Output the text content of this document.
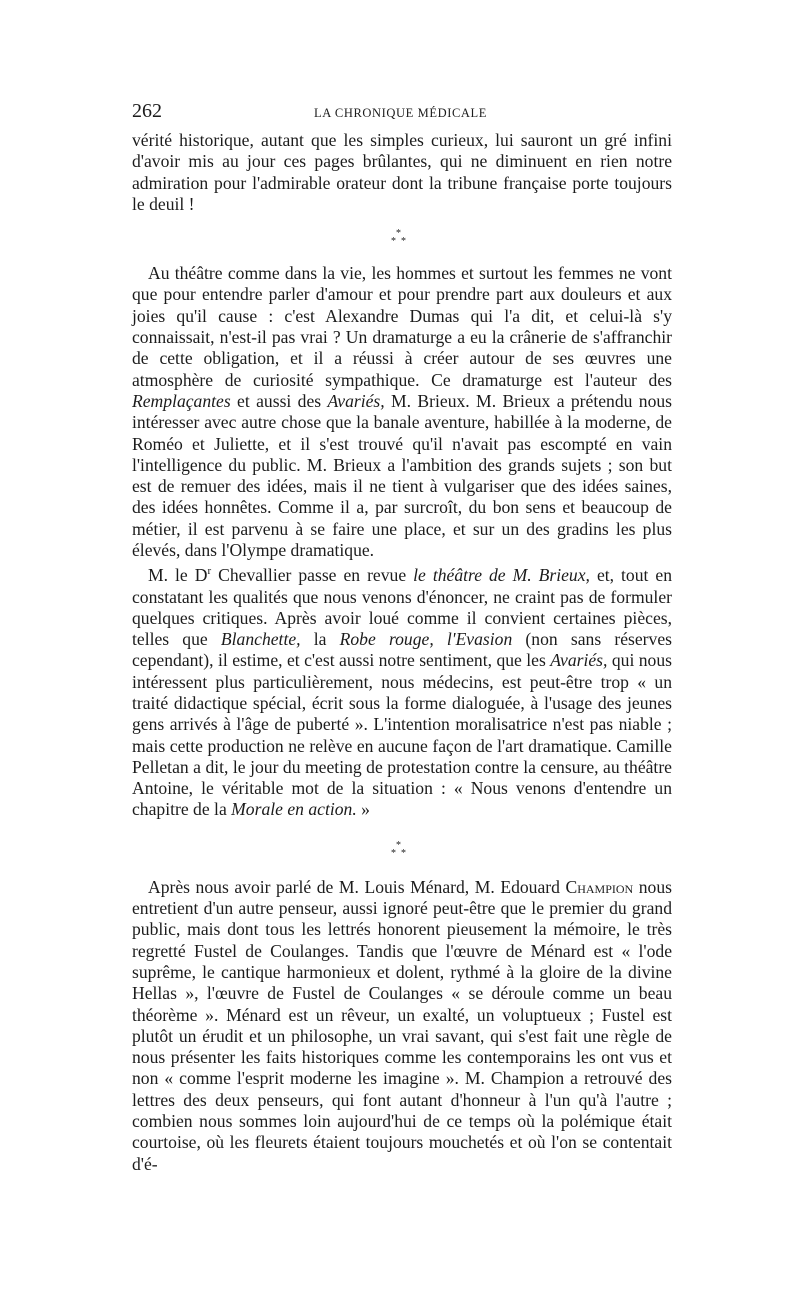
262	LA CHRONIQUE MÉDICALE

vérité historique, autant que les simples curieux, lui sauront un gré infini d'avoir mis au jour ces pages brûlantes, qui ne diminuent en rien notre admiration pour l'admirable orateur dont la tribune française porte toujours le deuil !

*
* *

Au théâtre comme dans la vie, les hommes et surtout les femmes ne vont que pour entendre parler d'amour et pour prendre part aux douleurs et aux joies qu'il cause : c'est Alexandre Dumas qui l'a dit, et celui-là s'y connaissait, n'est-il pas vrai ? Un dramaturge a eu la crânerie de s'affranchir de cette obligation, et il a réussi à créer autour de ses œuvres une atmosphère de curiosité sympathique. Ce dramaturge est l'auteur des Remplaçantes et aussi des Avariés, M. Brieux. M. Brieux a prétendu nous intéresser avec autre chose que la banale aventure, habillée à la moderne, de Roméo et Juliette, et il s'est trouvé qu'il n'avait pas escompté en vain l'intelligence du public. M. Brieux a l'ambition des grands sujets ; son but est de remuer des idées, mais il ne tient à vulgariser que des idées saines, des idées honnêtes. Comme il a, par surcroît, du bon sens et beaucoup de métier, il est parvenu à se faire une place, et sur un des gradins les plus élevés, dans l'Olympe dramatique.

M. le $D^r$ Chevallier passe en revue le théâtre de M. Brieux, et, tout en constatant les qualités que nous venons d'énoncer, ne craint pas de formuler quelques critiques. Après avoir loué comme il convient certaines pièces, telles que Blanchette, la Robe rouge, l'Evasion (non sans réserves cependant), il estime, et c'est aussi notre sentiment, que les Avariés, qui nous intéressent plus particulièrement, nous médecins, est peut-être trop « un traité didactique spécial, écrit sous la forme dialoguée, à l'usage des jeunes gens arrivés à l'âge de puberté ». L'intention moralisatrice n'est pas niable ; mais cette production ne relève en aucune façon de l'art dramatique. Camille Pelletan a dit, le jour du meeting de protestation contre la censure, au théâtre Antoine, le véritable mot de la situation : « Nous venons d'entendre un chapitre de la Morale en action. »

*
* *

Après nous avoir parlé de M. Louis Ménard, M. Edouard Champion nous entretient d'un autre penseur, aussi ignoré peut-être que le premier du grand public, mais dont tous les lettrés honorent pieusement la mémoire, le très regretté Fustel de Coulanges. Tandis que l'œuvre de Ménard est « l'ode suprême, le cantique harmonieux et dolent, rythmé à la gloire de la divine Hellas », l'œuvre de Fustel de Coulanges « se déroule comme un beau théorème ». Ménard est un rêveur, un exalté, un voluptueux ; Fustel est plutôt un érudit et un philosophe, un vrai savant, qui s'est fait une règle de nous présenter les faits historiques comme les contemporains les ont vus et non « comme l'esprit moderne les imagine ». M. Champion a retrouvé des lettres des deux penseurs, qui font autant d'honneur à l'un qu'à l'autre ; combien nous sommes loin aujourd'hui de ce temps où la polémique était courtoise, où les fleurets étaient toujours mouchetés et où l'on se contentait d'é-
